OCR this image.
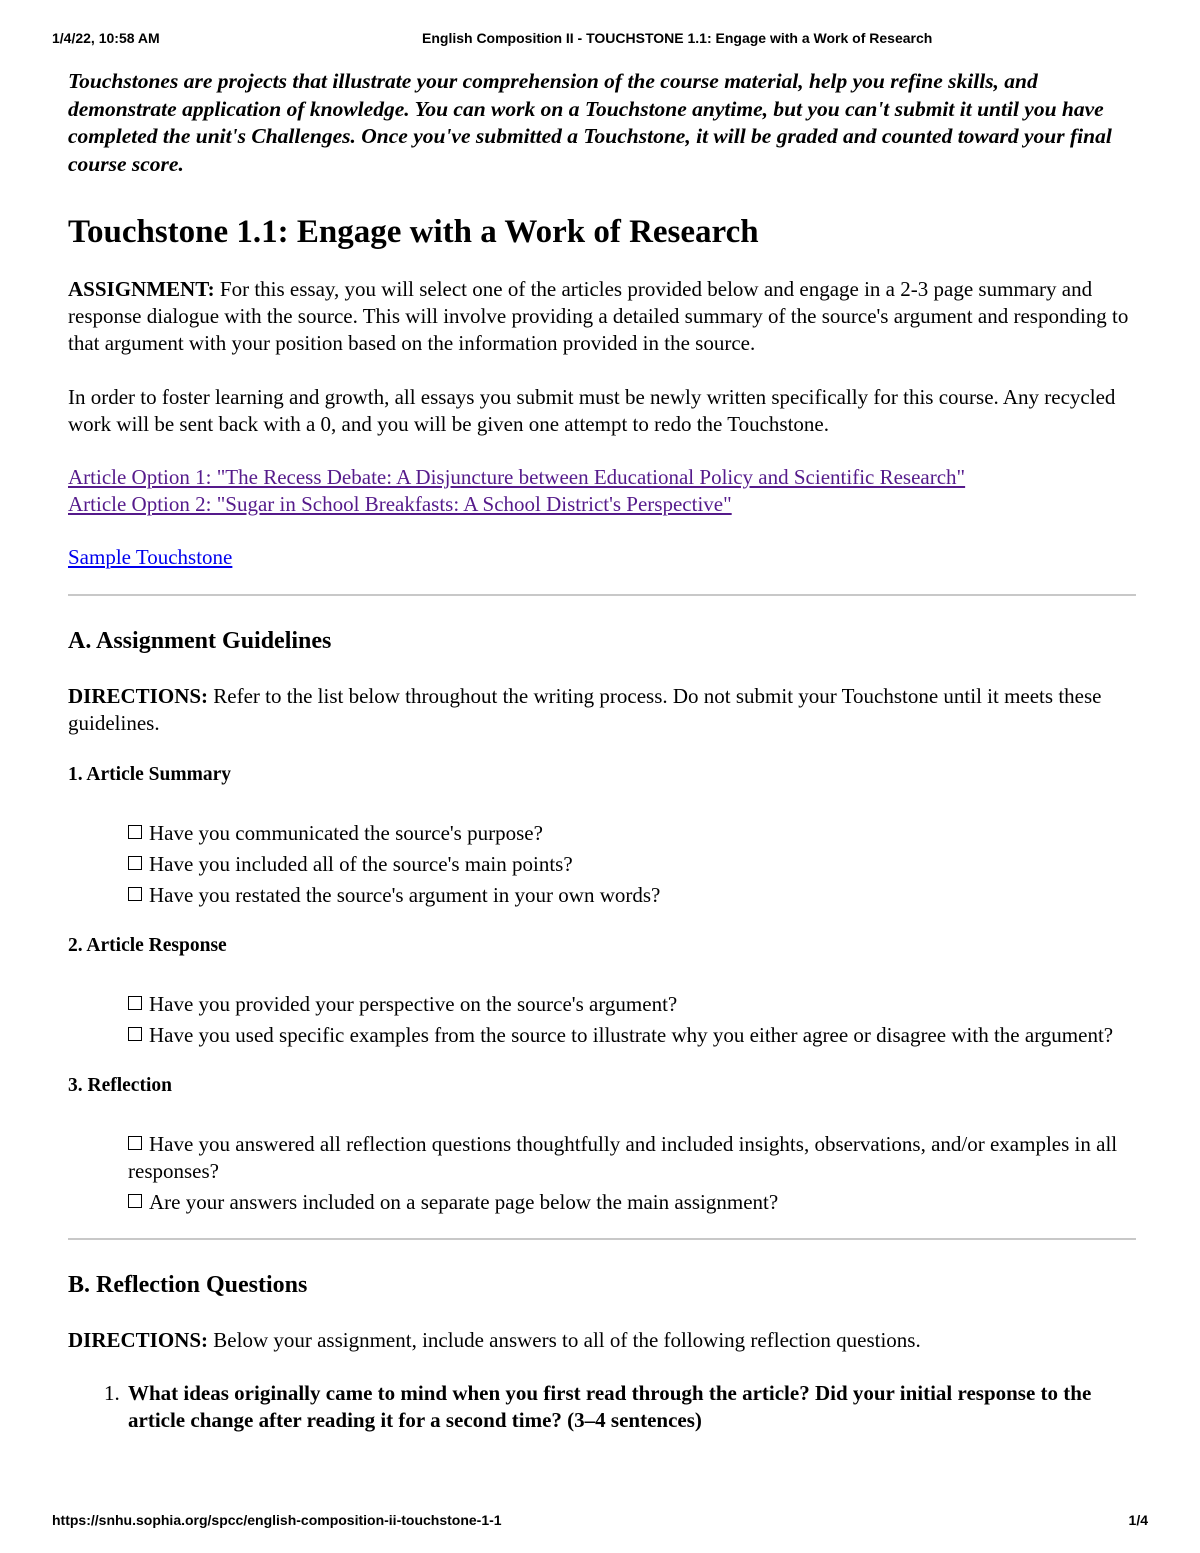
1/4/22, 10:58 AM	English Composition II - TOUCHSTONE 1.1: Engage with a Work of Research

Touchstones are projects that illustrate your comprehension of the course material, help you refine skills, and demonstrate application of knowledge. You can work on a Touchstone anytime, but you can't submit it until you have completed the unit's Challenges. Once you've submitted a Touchstone, it will be graded and counted toward your final course score.

Touchstone 1.1: Engage with a Work of Research

ASSIGNMENT: For this essay, you will select one of the articles provided below and engage in a 2-3 page summary and response dialogue with the source. This will involve providing a detailed summary of the source's argument and responding to that argument with your position based on the information provided in the source.

In order to foster learning and growth, all essays you submit must be newly written specifically for this course. Any recycled work will be sent back with a 0, and you will be given one attempt to redo the Touchstone.

Article Option 1: "The Recess Debate: A Disjuncture between Educational Policy and Scientific Research"
Article Option 2: "Sugar in School Breakfasts: A School District's Perspective"
Sample Touchstone
A. Assignment Guidelines

DIRECTIONS: Refer to the list below throughout the writing process. Do not submit your Touchstone until it meets these guidelines.

1. Article Summary
Have you communicated the source's purpose?
Have you included all of the source's main points?
Have you restated the source's argument in your own words?
2. Article Response
Have you provided your perspective on the source's argument?
Have you used specific examples from the source to illustrate why you either agree or disagree with the argument?
3. Reflection
Have you answered all reflection questions thoughtfully and included insights, observations, and/or examples in all responses?
Are your answers included on a separate page below the main assignment?
B. Reflection Questions

DIRECTIONS: Below your assignment, include answers to all of the following reflection questions.

1. What ideas originally came to mind when you first read through the article? Did your initial response to the article change after reading it for a second time? (3–4 sentences)
https://snhu.sophia.org/spcc/english-composition-ii-touchstone-1-1	1/4
